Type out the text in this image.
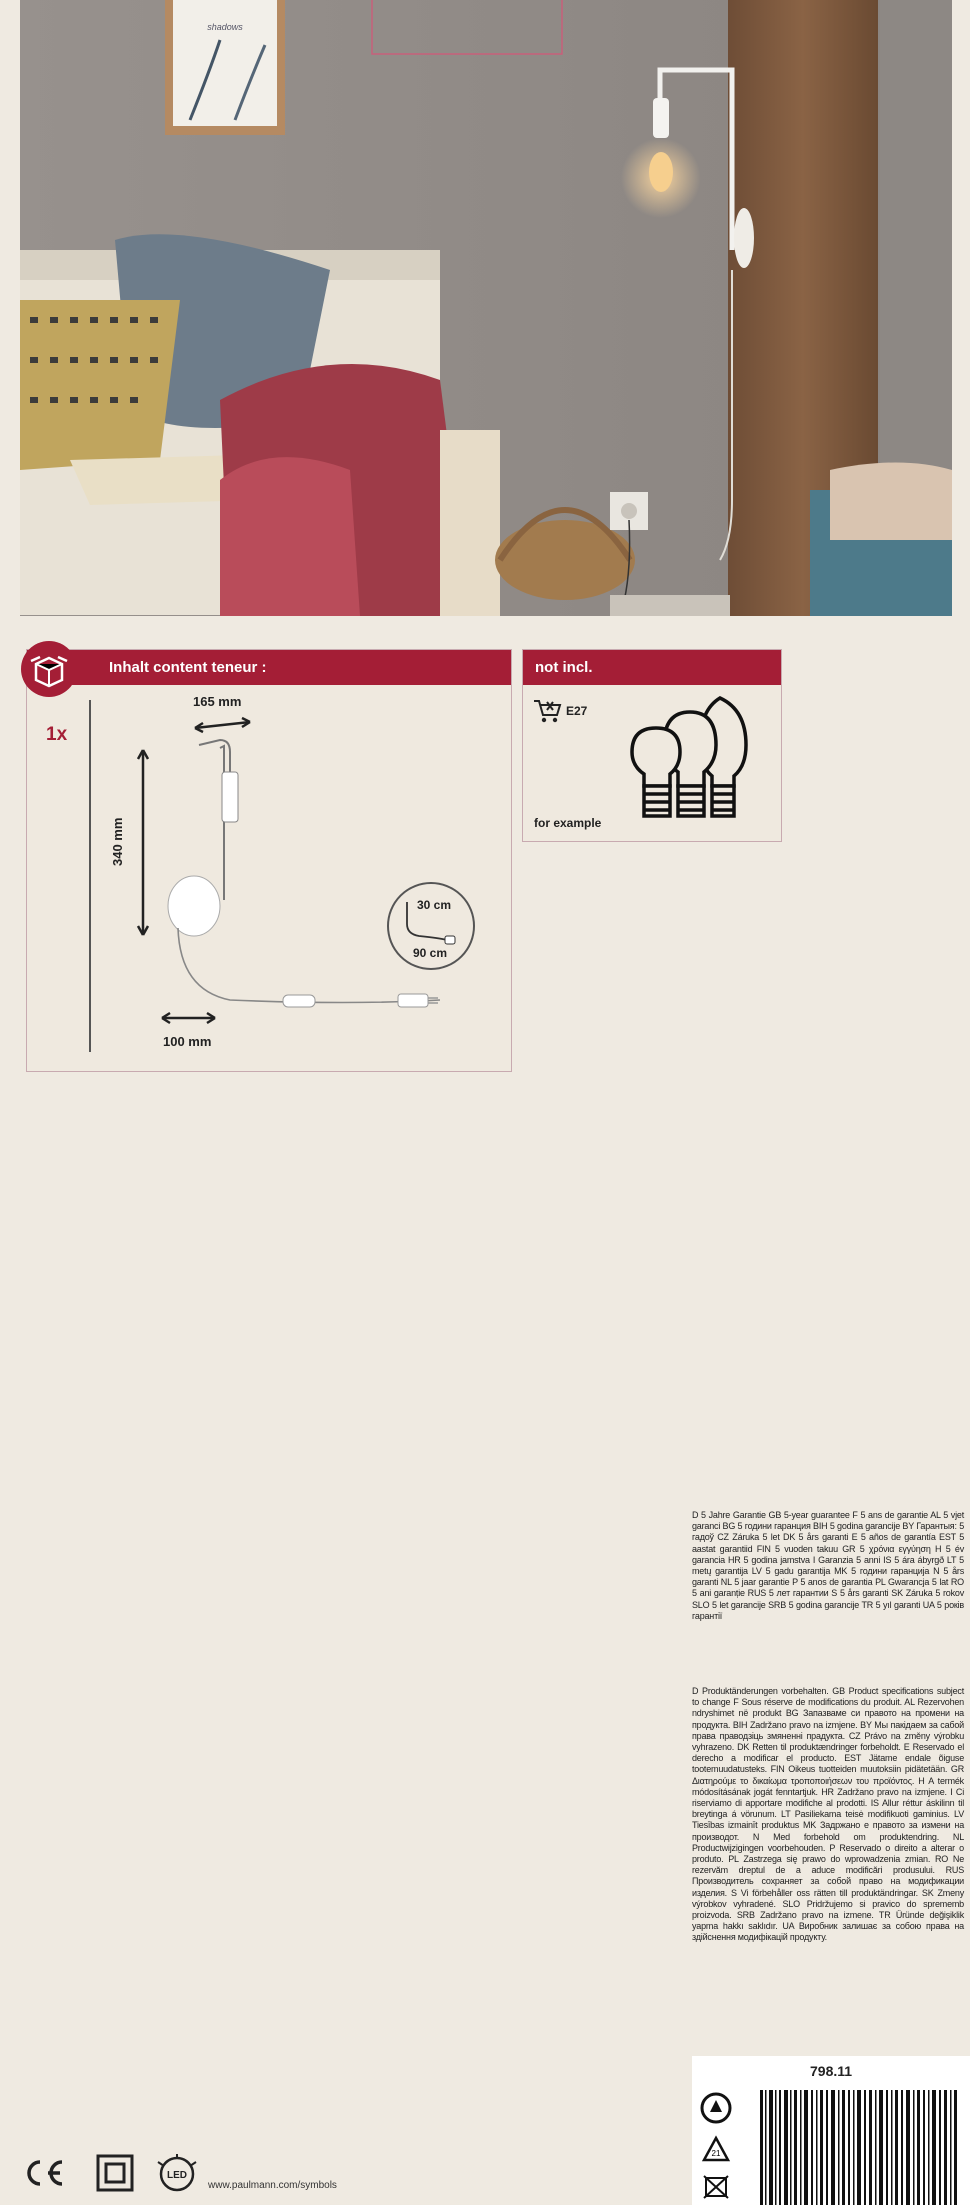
shadows
Inhalt content teneur :
1x
165 mm
340 mm
100 mm
30 cm
90 cm
not incl.
E27
for example
D 5 Jahre Garantie GB 5-year guarantee F 5 ans de garantie AL 5 vjet garanci BG 5 години гаранция BIH 5 godina garancije BY Гарантыя: 5 гадоў CZ Záruka 5 let DK 5 års garanti E 5 años de garantía EST 5 aastat garantiid FIN 5 vuoden takuu GR 5 χρόνια εγγύηση H 5 év garancia HR 5 godina jamstva I Garanzia 5 anni IS 5 ára ábyrgð LT 5 metų garantija LV 5 gadu garantija MK 5 години гаранција N 5 års garanti NL 5 jaar garantie P 5 anos de garantia PL Gwarancja 5 lat RO 5 ani garanție RUS 5 лет гарантии S 5 års garanti SK Záruka 5 rokov SLO 5 let garancije SRB 5 godina garancije TR 5 yıl garanti UA 5 років гарантії
D Produktänderungen vorbehalten. GB Product specifications subject to change F Sous réserve de modifications du produit. AL Rezervohen ndryshimet në produkt BG Запазваме си правото на промени на продукта. BIH Zadržano pravo na izmjene. BY Мы пакідаем за сабой права праводзіць змяненні прадукта. CZ Právo na změny výrobku vyhrazeno. DK Retten til produktændringer forbeholdt. E Reservado el derecho a modificar el producto. EST Jätame endale õiguse tootemuudatusteks. FIN Oikeus tuotteiden muutoksiin pidätetään. GR Διατηρούμε το δικαίωμα τροποποιήσεων του προϊόντος. H A termék módosításának jogát fenntartjuk. HR Zadržano pravo na izmjene. I Ci riserviamo di apportare modifiche al prodotti. IS Allur réttur áskilinn til breytinga á vörunum. LT Pasiliekama teisė modifikuoti gaminius. LV Tiesības izmainīt produktus MK Задржано е правото за измени на производот. N Med forbehold om produktendring. NL Productwijzigingen voorbehouden. P Reservado o direito a alterar o produto. PL Zastrzega się prawo do wprowadzenia zmian. RO Ne rezervăm dreptul de a aduce modificări produsului. RUS Производитель сохраняет за собой право на модификации изделия. S Vi förbehåller oss rätten till produktändringar. SK Zmeny výrobkov vyhradené. SLO Pridržujemo si pravico do sprememb proizvoda. SRB Zadržano pravo na izmene. TR Üründe değişiklik yapma hakkı saklıdır. UA Виробник залишає за собою права на здійснення модифікацій продукту.
798.11
21
LED
www.paulmann.com/symbols
